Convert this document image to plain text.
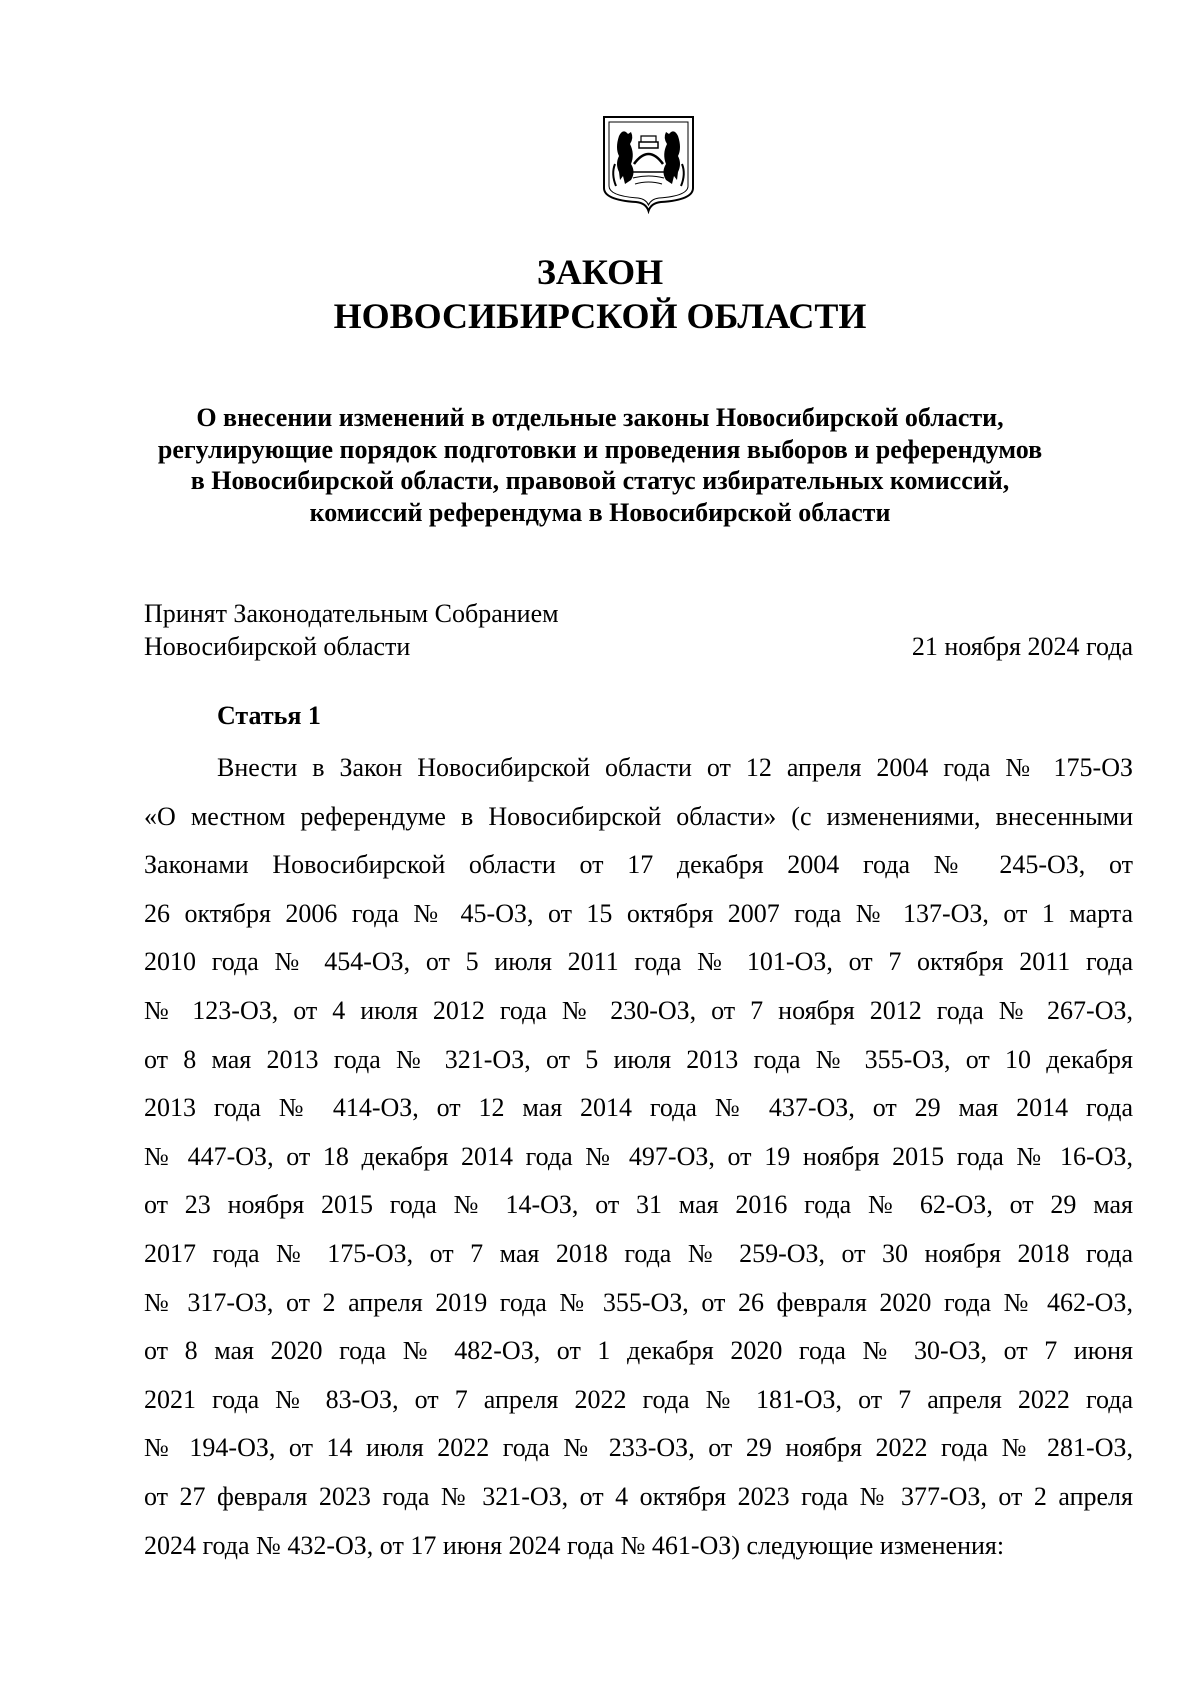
ЗАКОН
НОВОСИБИРСКОЙ ОБЛАСТИ
О внесении изменений в отдельные законы Новосибирской области,
регулирующие порядок подготовки и проведения выборов и референдумов
в Новосибирской области, правовой статус избирательных комиссий,
комиссий референдума в Новосибирской области
Принят Законодательным Собранием
Новосибирской области	21 ноября 2024 года
Статья 1
Внести в Закон Новосибирской области от 12 апреля 2004 года № 175-ОЗ
«О местном референдуме в Новосибирской области» (с изменениями, внесенными
Законами Новосибирской области от 17 декабря 2004 года № 245-ОЗ, от
26 октября 2006 года № 45-ОЗ, от 15 октября 2007 года № 137-ОЗ, от 1 марта
2010 года № 454-ОЗ, от 5 июля 2011 года № 101-ОЗ, от 7 октября 2011 года
№ 123-ОЗ, от 4 июля 2012 года № 230-ОЗ, от 7 ноября 2012 года № 267-ОЗ,
от 8 мая 2013 года № 321-ОЗ, от 5 июля 2013 года № 355-ОЗ, от 10 декабря
2013 года № 414-ОЗ, от 12 мая 2014 года № 437-ОЗ, от 29 мая 2014 года
№ 447-ОЗ, от 18 декабря 2014 года № 497-ОЗ, от 19 ноября 2015 года № 16-ОЗ,
от 23 ноября 2015 года № 14-ОЗ, от 31 мая 2016 года № 62-ОЗ, от 29 мая
2017 года № 175-ОЗ, от 7 мая 2018 года № 259-ОЗ, от 30 ноября 2018 года
№ 317-ОЗ, от 2 апреля 2019 года № 355-ОЗ, от 26 февраля 2020 года № 462-ОЗ,
от 8 мая 2020 года № 482-ОЗ, от 1 декабря 2020 года № 30-ОЗ, от 7 июня
2021 года № 83-ОЗ, от 7 апреля 2022 года № 181-ОЗ, от 7 апреля 2022 года
№ 194-ОЗ, от 14 июля 2022 года № 233-ОЗ, от 29 ноября 2022 года № 281-ОЗ,
от 27 февраля 2023 года № 321-ОЗ, от 4 октября 2023 года № 377-ОЗ, от 2 апреля
2024 года № 432-ОЗ, от 17 июня 2024 года № 461-ОЗ) следующие изменения:
